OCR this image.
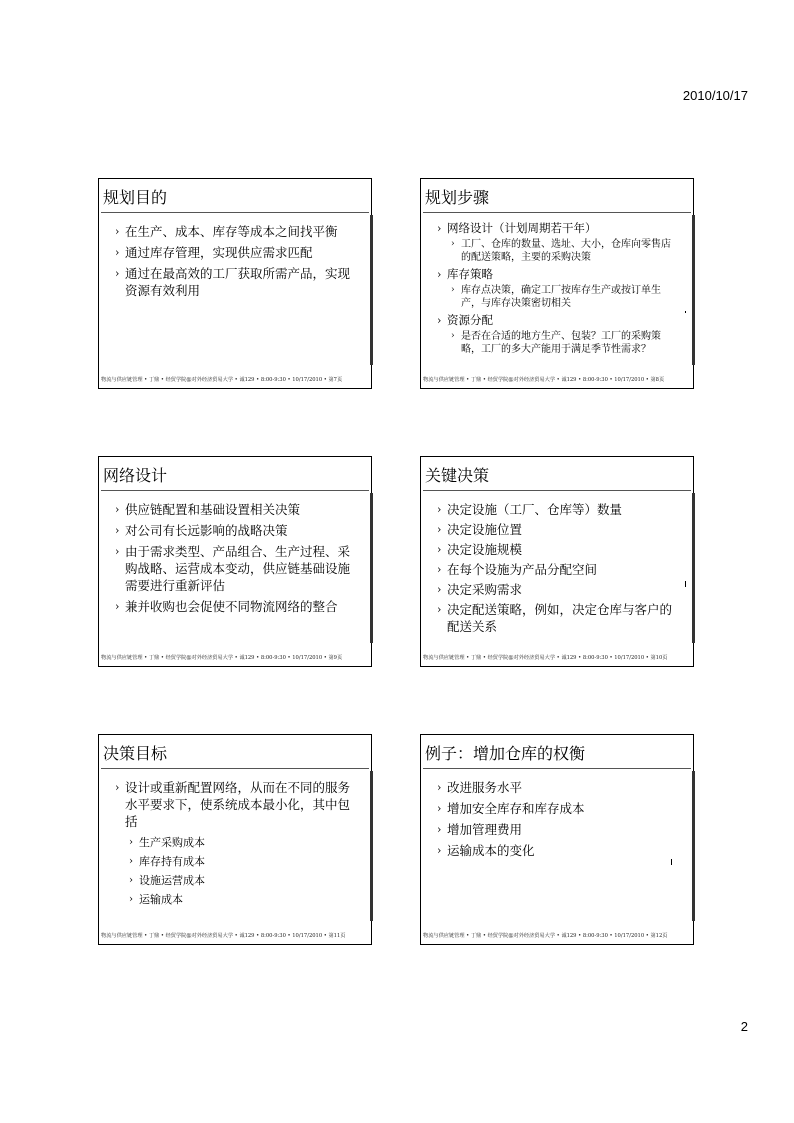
2010/10/17
规划目的
› 在生产、成本、库存等成本之间找平衡
› 通过库存管理，实现供应需求匹配
› 通过在最高效的工厂获取所需产品，实现资源有效利用
物流与供应链管理 • 丁鼎 • 经贸学院@对外经济贸易大学 • 诚129 • 8:00-9:30 • 10/17/2010 • 第7页
规划步骤
› 网络设计（计划周期若干年）
› 工厂、仓库的数量、选址、大小，仓库向零售店的配送策略，主要的采购决策
› 库存策略
› 库存点决策，确定工厂按库存生产或按订单生产，与库存决策密切相关
› 资源分配
› 是否在合适的地方生产、包装？工厂的采购策略，工厂的多大产能用于满足季节性需求？
物流与供应链管理 • 丁鼎 • 经贸学院@对外经济贸易大学 • 诚129 • 8:00-9:30 • 10/17/2010 • 第8页
网络设计
› 供应链配置和基础设置相关决策
› 对公司有长远影响的战略决策
› 由于需求类型、产品组合、生产过程、采购战略、运营成本变动，供应链基础设施需要进行重新评估
› 兼并收购也会促使不同物流网络的整合
物流与供应链管理 • 丁鼎 • 经贸学院@对外经济贸易大学 • 诚129 • 8:00-9:30 • 10/17/2010 • 第9页
关键决策
› 决定设施（工厂、仓库等）数量
› 决定设施位置
› 决定设施规模
› 在每个设施为产品分配空间
› 决定采购需求
› 决定配送策略，例如，决定仓库与客户的配送关系
物流与供应链管理 • 丁鼎 • 经贸学院@对外经济贸易大学 • 诚129 • 8:00-9:30 • 10/17/2010 • 第10页
决策目标
› 设计或重新配置网络，从而在不同的服务水平要求下，使系统成本最小化，其中包括
› 生产采购成本
› 库存持有成本
› 设施运营成本
› 运输成本
物流与供应链管理 • 丁鼎 • 经贸学院@对外经济贸易大学 • 诚129 • 8:00-9:30 • 10/17/2010 • 第11页
例子：增加仓库的权衡
› 改进服务水平
› 增加安全库存和库存成本
› 增加管理费用
› 运输成本的变化
物流与供应链管理 • 丁鼎 • 经贸学院@对外经济贸易大学 • 诚129 • 8:00-9:30 • 10/17/2010 • 第12页
2
